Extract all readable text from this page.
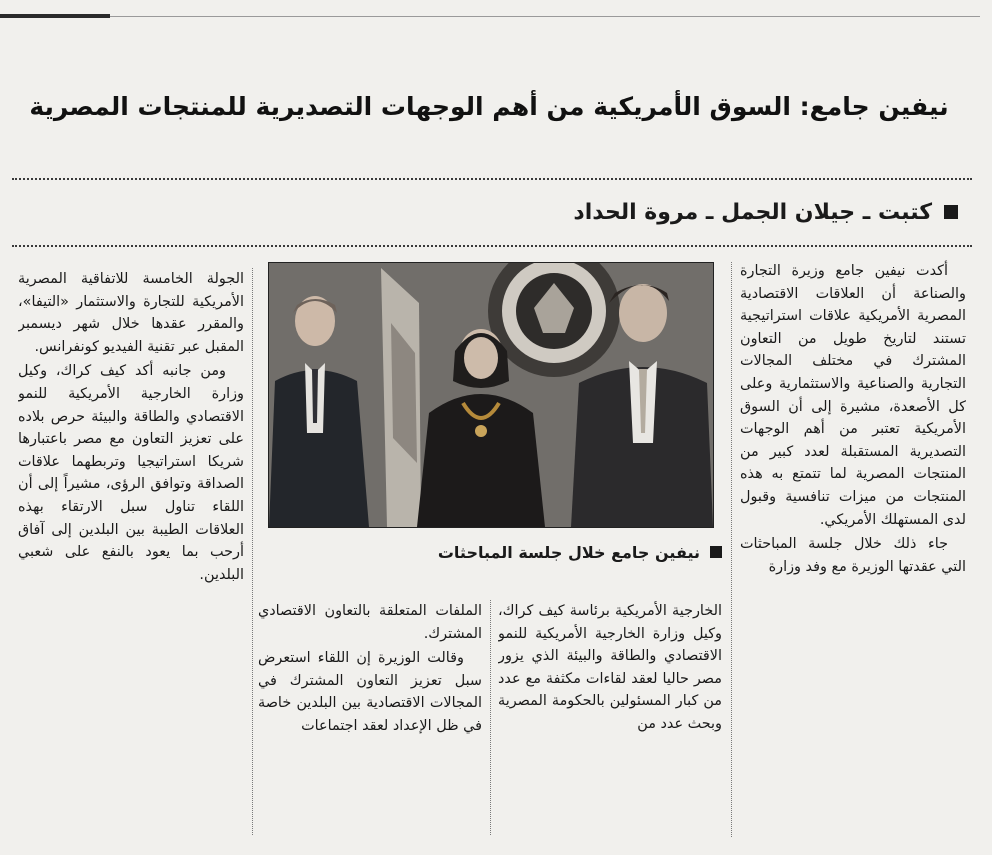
نيفين جامع: السوق الأمريكية من أهم الوجهات التصديرية للمنتجات المصرية
كتبت ـ جيلان الجمل ـ مروة الحداد

أكدت نيفين جامع وزيرة التجارة والصناعة أن العلاقات الاقتصادية المصرية الأمريكية علاقات استراتيجية تستند لتاريخ طويل من التعاون المشترك في مختلف المجالات التجارية والصناعية والاستثمارية وعلى كل الأصعدة، مشيرة إلى أن السوق الأمريكية تعتبر من أهم الوجهات التصديرية المستقبلة لعدد كبير من المنتجات المصرية لما تتمتع به هذه المنتجات من ميزات تنافسية وقبول لدى المستهلك الأمريكي.

جاء ذلك خلال جلسة المباحثات التي عقدتها الوزيرة مع وفد وزارة

نيفين جامع خلال جلسة المباحثات

الخارجية الأمريكية برئاسة كيف كراك، وكيل وزارة الخارجية الأمريكية للنمو الاقتصادي والطاقة والبيئة الذي يزور مصر حاليا لعقد لقاءات مكثفة مع عدد من كبار المسئولين بالحكومة المصرية وبحث عدد من

الملفات المتعلقة بالتعاون الاقتصادي المشترك.

وقالت الوزيرة إن اللقاء استعرض سبل تعزيز التعاون المشترك في المجالات الاقتصادية بين البلدين خاصة في ظل الإعداد لعقد اجتماعات

الجولة الخامسة للاتفاقية المصرية الأمريكية للتجارة والاستثمار «التيفا»، والمقرر عقدها خلال شهر ديسمبر المقبل عبر تقنية الفيديو كونفرانس.

ومن جانبه أكد كيف كراك، وكيل وزارة الخارجية الأمريكية للنمو الاقتصادي والطاقة والبيئة حرص بلاده على تعزيز التعاون مع مصر باعتبارها شريكا استراتيجيا وتربطهما علاقات الصداقة وتوافق الرؤى، مشيراً إلى أن اللقاء تناول سبل الارتقاء بهذه العلاقات الطيبة بين البلدين إلى آفاق أرحب بما يعود بالنفع على شعبي البلدين.
